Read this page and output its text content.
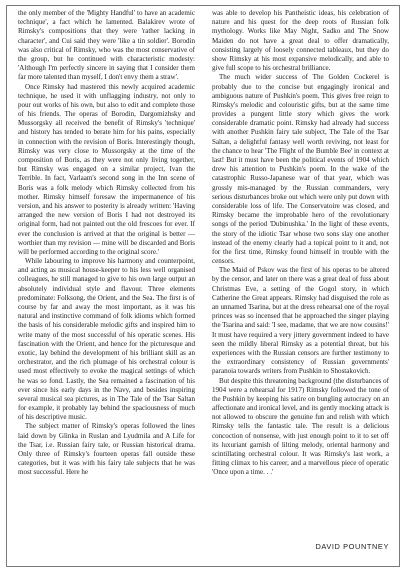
the only member of the 'Mighty Handful' to have an academic technique', a fact which he lamented. Balakirev wrote of Rimsky's compositions that they were 'rather lacking in character', and Cui said they were 'like a tin soldier'. Borodin was also critical of Rimsky, who was the most conservative of the group, but he continued with characteristic modesty: 'Although I'm perfectly sincere in saying that I consider them far more talented than myself, I don't envy them a straw'.

Once Rimsky had mastered this newly acquired academic technique, he used it with unflagging industry, not only to pour out works of his own, but also to edit and complete those of his friends. The operas of Borodin, Dargomizhsky and Mussorgsky all received the benefit of Rimsky's 'technique' and history has tended to berate him for his pains, especially in connection with the revision of Boris. Interestingly though, Rimsky was very close to Mussorgsky at the time of the composition of Boris, as they were not only living together, but Rimsky was engaged on a similar project, Ivan the Terrible. In fact, Varlaam's second song in the Inn scene of Boris was a folk melody which Rimsky collected from his mother. Rimsky himself foresaw the impermanence of his version, and his answer to posterity is already written: 'Having arranged the new version of Boris I had not destroyed its original form, had not painted out the old frescoes for ever. If ever the conclusion is arrived at that the original is better — worthier than my revision — mine will be discarded and Boris will be performed according to the original score.'

While labouring to improve his harmony and counterpoint, and acting as musical house-keeper to his less well organised colleagues, he still managed to give to his own large output an absolutely individual style and flavour. Three elements predominate: Folksong, the Orient, and the Sea. The first is of course by far and away the most important, as it was his natural and instinctive command of folk idioms which formed the basis of his considerable melodic gifts and inspired him to write many of the most successful of his operatic scenes. His fascination with the Orient, and hence for the picturesque and exotic, lay behind the development of his brilliant skill as an orchestrator, and the rich plumage of his orchestral colour is used most effectively to evoke the magical settings of which he was so fond. Lastly, the Sea remained a fascination of his ever since his early days in the Navy, and besides inspiring several musical sea pictures, as in The Tale of the Tsar Saltan for example, it probably lay behind the spaciousness of much of his descriptive music.

The subject matter of Rimsky's operas followed the lines laid down by Glinka in Ruslan and Lyudmila and A Life for the Tsar, i.e. Russian fairy tale, or Russian historical drama. Only three of Rimsky's fourteen operas fall outside these categories, but it was with his fairy tale subjects that he was most successful. Here he

was able to develop his Pantheistic ideas, his celebration of nature and his quest for the deep roots of Russian folk mythology. Works like May Night, Sadko and The Snow Maiden do not have a great deal to offer dramatically, consisting largely of loosely connected tableaux, but they do show Rimsky at his most expansive melodically, and able to give full scope to his orchestral brilliance.

The much wider success of The Golden Cockerel is probably due to the concise but engagingly ironical and ambiguous nature of Pushkin's poem. This gives free reign to Rimsky's melodic and colouristic gifts, but at the same time provides a pungent little story which gives the work considerable dramatic point. Rimsky had already had success with another Pushkin fairy tale subject, The Tale of the Tsar Saltan, a delightful fantasy well worth reviving, not least for the chance to hear 'The Flight of the Bumble Bee' in context at last! But it must have been the political events of 1904 which drew his attention to Pushkin's poem. In the wake of the catastrophic Russo-Japanese war of that year, which was grossly mis-managed by the Russian commanders, very serious disturbances broke out which were only put down with considerable loss of life. The Conservatoire was closed, and Rimsky became the improbable hero of the revolutionary songs of the period 'Dubinushka.' In the light of these events, the story of the idiotic Tsar whose two sons slay one another instead of the enemy clearly had a topical point to it and, not for the first time, Rimsky found himself in trouble with the censors.

The Maid of Pskov was the first of his operas to be altered by the censor, and later on there was a great deal of fuss about Christmas Eve, a setting of the Gogol story, in which Catherine the Great appears. Rimsky had disguised the role as an unnamed Tsarina, but at the dress rehearsal one of the royal princes was so incensed that he approached the singer playing the Tsarina and said: 'I see, madame, that we are now cousins!' It must have required a very jittery government indeed to have seen the mildly liberal Rimsky as a potential threat, but his experiences with the Russian censors are further testimony to the extraordinary consistency of Russian governments' paranoia towards writers from Pushkin to Shostakovich.

But despite this threatening background (the disturbances of 1904 were a rehearsal for 1917) Rimsky followed the tone of the Pushkin by keeping his satire on bungling autocracy on an affectionate and ironical level, and its gently mocking attack is not allowed to obscure the genuine fun and relish with which Rimsky tells the fantastic tale. The result is a delicious concoction of nonsense, with just enough point to it to set off its luxuriant garnish of lilting melody, oriental harmony and scintillating orchestral colour. It was Rimsky's last work, a fitting climax to his career, and a marvellous piece of operatic 'Once upon a time. . .'

DAVID POUNTNEY
